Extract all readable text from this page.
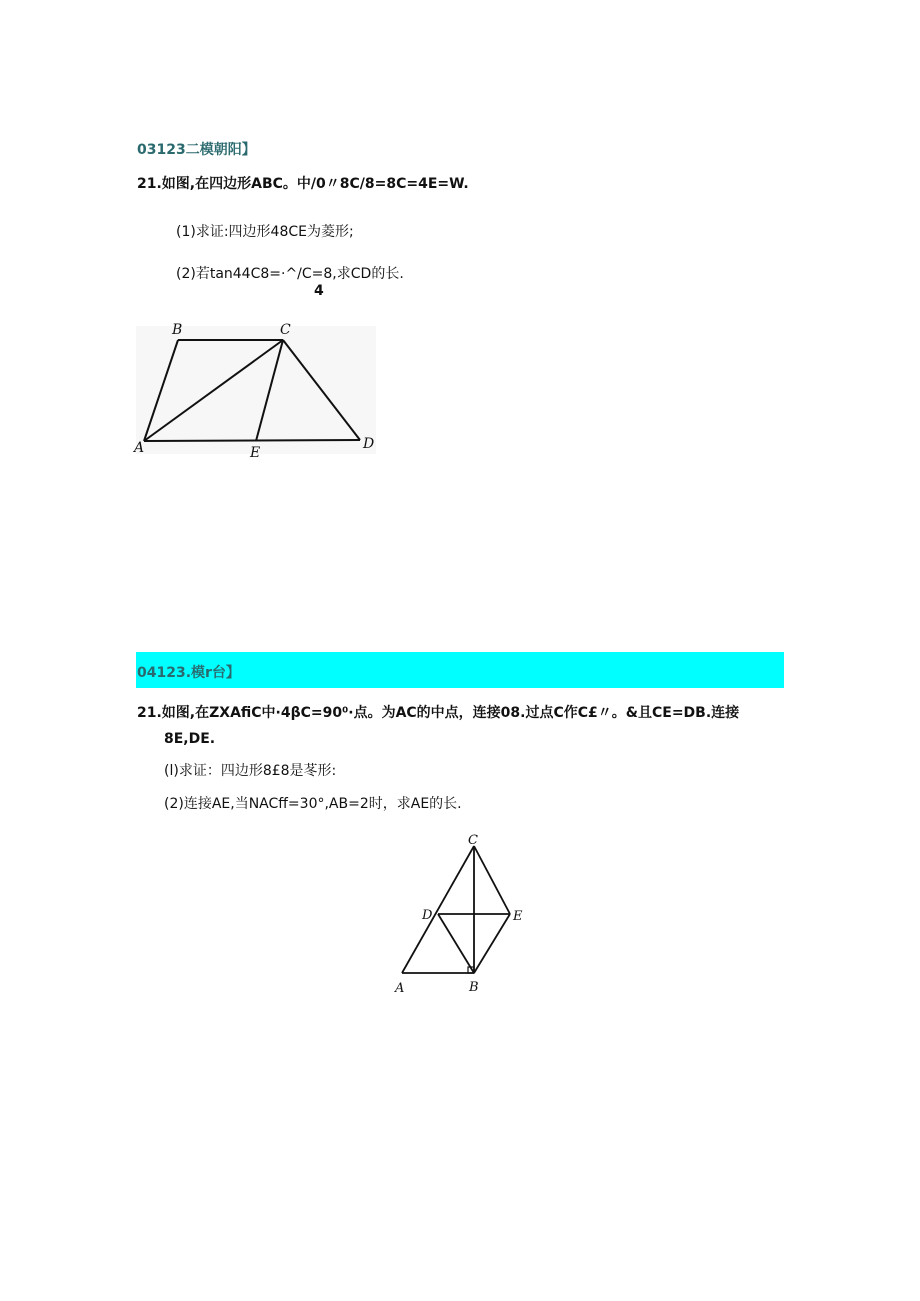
03123二模朝阳】
21.如图,在四边形ABC。中/0〃8C/8=8C=4E=W.
(1)求证:四边形48CE为菱形;
(2)若tan44C8=·^/C=8,求CD的长.
4
B	C
A	E
D
04123.模r台】
21.如图,在ZXAfiC中·4βC=90⁰·点。为AC的中点，连接08.过点C作C£〃。&且CE=DB.连接
8E,DE.
(l)求证：四边形8£8是苳形:
(2)连接AE,当NACff=30°,AB=2时，求AE的长.
C
D	E
A	B
